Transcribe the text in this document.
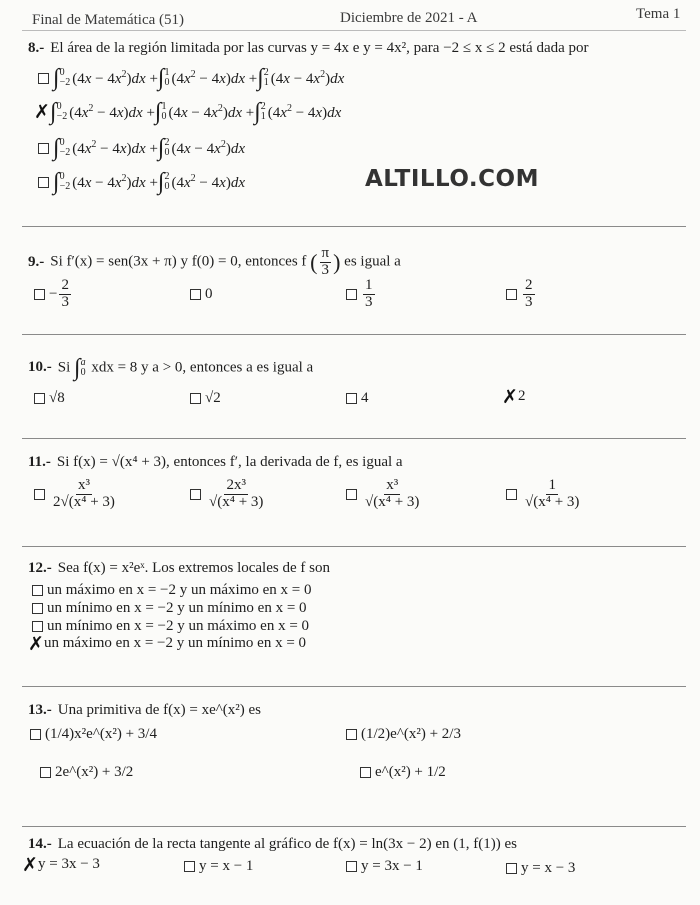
Final de Matemática (51)	Diciembre de 2021 - A	Tema 1
8.- El área de la región limitada por las curvas y = 4x e y = 4x², para −2 ≤ x ≤ 2 está dada por
∫ 0
−2 $(4x - 4x^2)dx$ + ∫ 1
0 $(4x^2 - 4x)dx$ + ∫ 2
1 $(4x - 4x^2)dx$
✗ ∫ 0
−2 $(4x^2 - 4x)dx$ + ∫ 1
0 $(4x - 4x^2)dx$ + ∫ 2
1 $(4x^2 - 4x)dx$
∫ 0
−2 $(4x^2 - 4x)dx$ + ∫ 2
0 $(4x - 4x^2)dx$
∫ 0
−2 $(4x - 4x^2)dx$ + ∫ 2
0 $(4x^2 - 4x)dx$	ALTILLO.COM
9.- Si f′(x) = sen(3x + π) y f(0) = 0, entonces f ( $\frac{\pi}{3}$ ) es igual a
− $\frac{2}{3}$	0	$\frac{1}{3}$	$\frac{2}{3}$
10.- Si ∫ a
0 xdx = 8 y a > 0, entonces a es igual a
√8	√2	4	✗ 2
11.- Si f(x) = √(x⁴ + 3), entonces f′, la derivada de f, es igual a
$\frac{\text{x³}}{\text{2√(x⁴ + 3)}}$	$\frac{\text{2x³}}{\text{√(x⁴ + 3)}}$	$\frac{\text{x³}}{\text{√(x⁴ + 3)}}$	$\frac{1}{\text{√(x⁴ + 3)}}$
12.- Sea f(x) = x²eˣ. Los extremos locales de f son
un máximo en x = −2 y un máximo en x = 0
un mínimo en x = −2 y un mínimo en x = 0
un mínimo en x = −2 y un máximo en x = 0
✗ un máximo en x = −2 y un mínimo en x = 0
13.- Una primitiva de f(x) = xe^(x²) es
(1/4)x²e^(x²) + 3/4	(1/2)e^(x²) + 2/3
2e^(x²) + 3/2	e^(x²) + 1/2
14.- La ecuación de la recta tangente al gráfico de f(x) = ln(3x − 2) en (1, f(1)) es
✗ y = 3x − 3	y = x − 1	y = 3x − 1	y = x − 3
